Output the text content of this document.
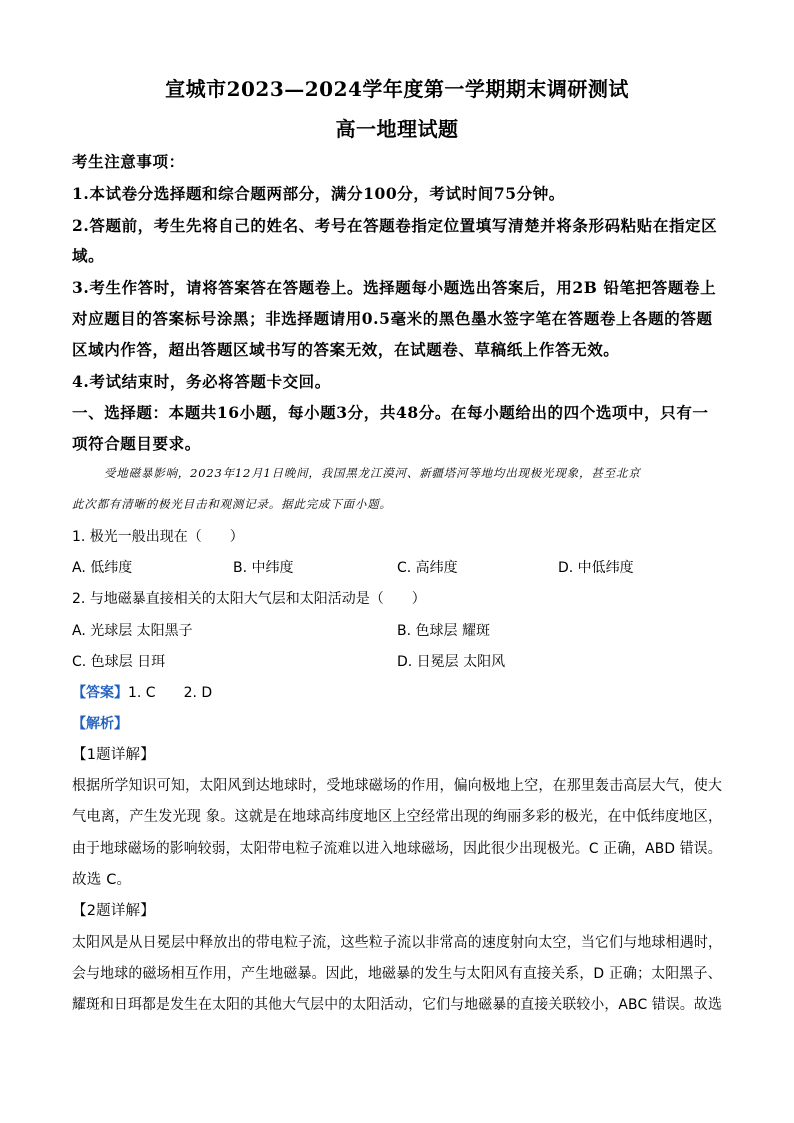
宣城市2023—2024学年度第一学期期末调研测试
高一地理试题
考生注意事项：
1.本试卷分选择题和综合题两部分，满分100分，考试时间75分钟。
2.答题前，考生先将自己的姓名、考号在答题卷指定位置填写清楚并将条形码粘贴在指定区
域。
3.考生作答时，请将答案答在答题卷上。选择题每小题选出答案后，用2B 铅笔把答题卷上
对应题目的答案标号涂黑；非选择题请用0.5毫米的黑色墨水签字笔在答题卷上各题的答题
区域内作答，超出答题区域书写的答案无效，在试题卷、草稿纸上作答无效。
4.考试结束时，务必将答题卡交回。
一、选择题：本题共16小题，每小题3分，共48分。在每小题给出的四个选项中，只有一
项符合题目要求。
受地磁暴影响，2023年12月1日晚间，我国黑龙江漠河、新疆塔河等地均出现极光现象，甚至北京
此次都有清晰的极光目击和观测记录。据此完成下面小题。
1. 极光一般出现在（　　）
A. 低纬度	B. 中纬度	C. 高纬度	D. 中低纬度
2. 与地磁暴直接相关的太阳大气层和太阳活动是（　　）
A. 光球层 太阳黑子	B. 色球层 耀斑
C. 色球层 日珥	D. 日冕层 太阳风
【答案】1. C　　2. D
【解析】
【1题详解】
根据所学知识可知，太阳风到达地球时，受地球磁场的作用，偏向极地上空，在那里轰击高层大气，使大
气电离，产生发光现 象。这就是在地球高纬度地区上空经常出现的绚丽多彩的极光，在中低纬度地区，
由于地球磁场的影响较弱，太阳带电粒子流难以进入地球磁场，因此很少出现极光。C 正确，ABD 错误。
故选 C。
【2题详解】
太阳风是从日冕层中释放出的带电粒子流，这些粒子流以非常高的速度射向太空，当它们与地球相遇时，
会与地球的磁场相互作用，产生地磁暴。因此，地磁暴的发生与太阳风有直接关系，D 正确；太阳黑子、
耀斑和日珥都是发生在太阳的其他大气层中的太阳活动，它们与地磁暴的直接关联较小，ABC 错误。故选
